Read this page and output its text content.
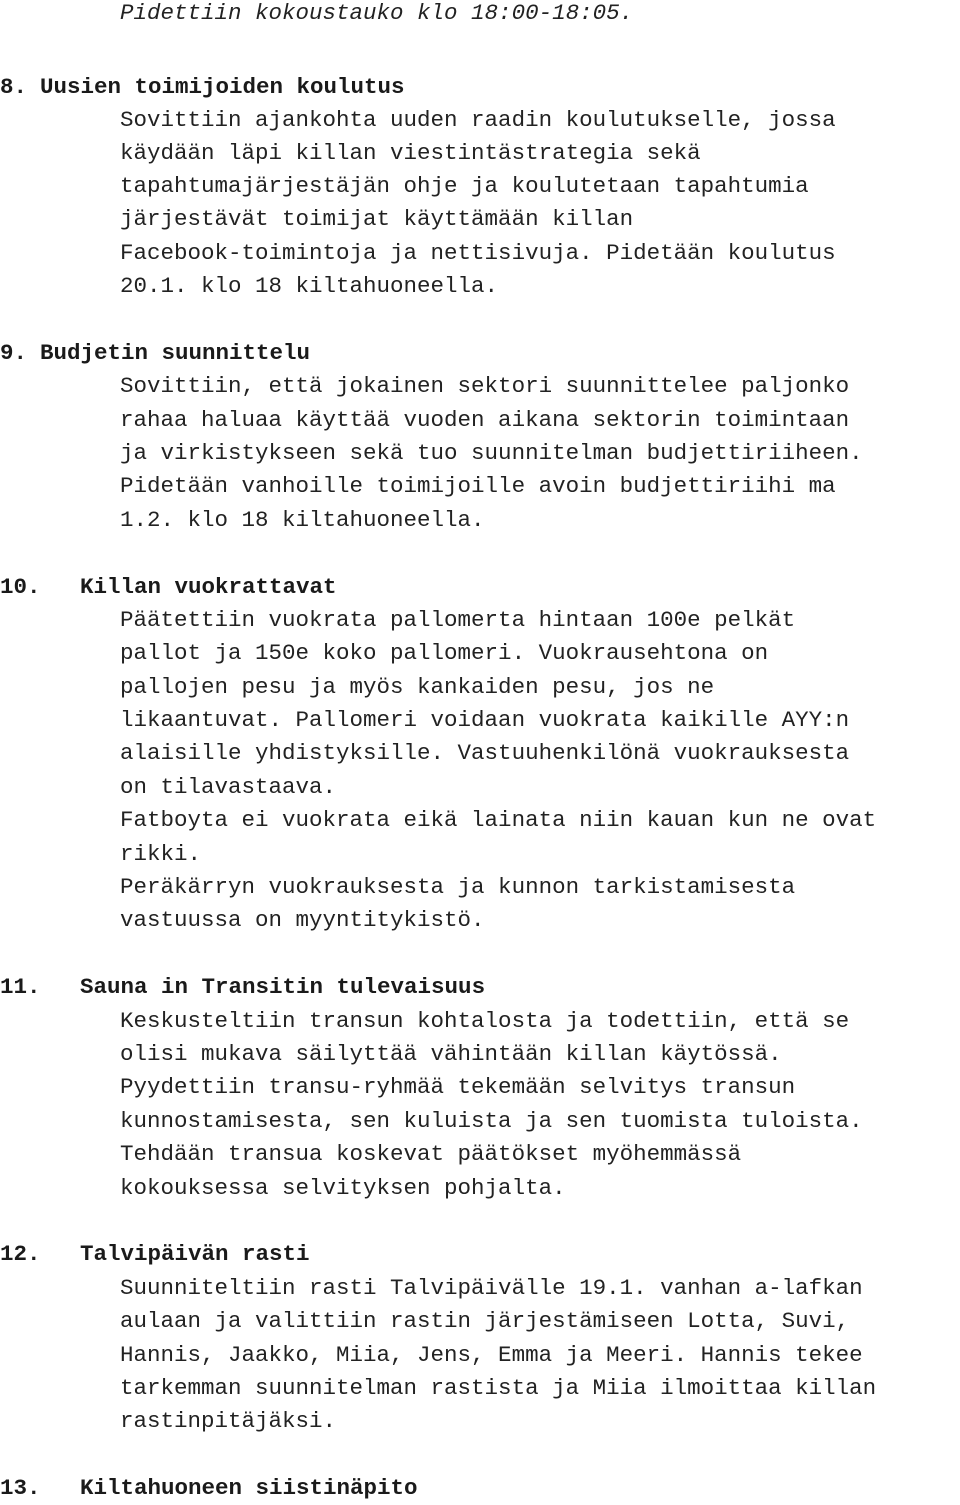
Pidettiin kokoustauko klo 18:00-18:05.
8. Uusien toimijoiden koulutus
Sovittiin ajankohta uuden raadin koulutukselle, jossa
käydään läpi killan viestintästrategia sekä
tapahtumajärjestäjän ohje ja koulutetaan tapahtumia
järjestävät toimijat käyttämään killan
Facebook-toimintoja ja nettisivuja. Pidetään koulutus
20.1. klo 18 kiltahuoneella.
9. Budjetin suunnittelu
Sovittiin, että jokainen sektori suunnittelee paljonko
rahaa haluaa käyttää vuoden aikana sektorin toimintaan
ja virkistykseen sekä tuo suunnitelman budjettiriiheen.
Pidetään vanhoille toimijoille avoin budjettiriihi ma
1.2. klo 18 kiltahuoneella.
10. Killan vuokrattavat
Päätettiin vuokrata pallomerta hintaan 100e pelkät
pallot ja 150e koko pallomeri. Vuokrausehtona on
pallojen pesu ja myös kankaiden pesu, jos ne
likaantuvat. Pallomeri voidaan vuokrata kaikille AYY:n
alaisille yhdistyksille. Vastuuhenkilönä vuokrauksesta
on tilavastaava.
Fatboyta ei vuokrata eikä lainata niin kauan kun ne ovat
rikki.
Peräkärryn vuokrauksesta ja kunnon tarkistamisesta
vastuussa on myyntitykistö.
11. Sauna in Transitin tulevaisuus
Keskusteltiin transun kohtalosta ja todettiin, että se
olisi mukava säilyttää vähintään killan käytössä.
Pyydettiin transu-ryhmää tekemään selvitys transun
kunnostamisesta, sen kuluista ja sen tuomista tuloista.
Tehdään transua koskevat päätökset myöhemmässä
kokouksessa selvityksen pohjalta.
12. Talvipäivän rasti
Suunniteltiin rasti Talvipäivälle 19.1. vanhan a-lafkan
aulaan ja valittiin rastin järjestämiseen Lotta, Suvi,
Hannis, Jaakko, Miia, Jens, Emma ja Meeri. Hannis tekee
tarkemman suunnitelman rastista ja Miia ilmoittaa killan
rastinpitäjäksi.
13. Kiltahuoneen siistinäpito
